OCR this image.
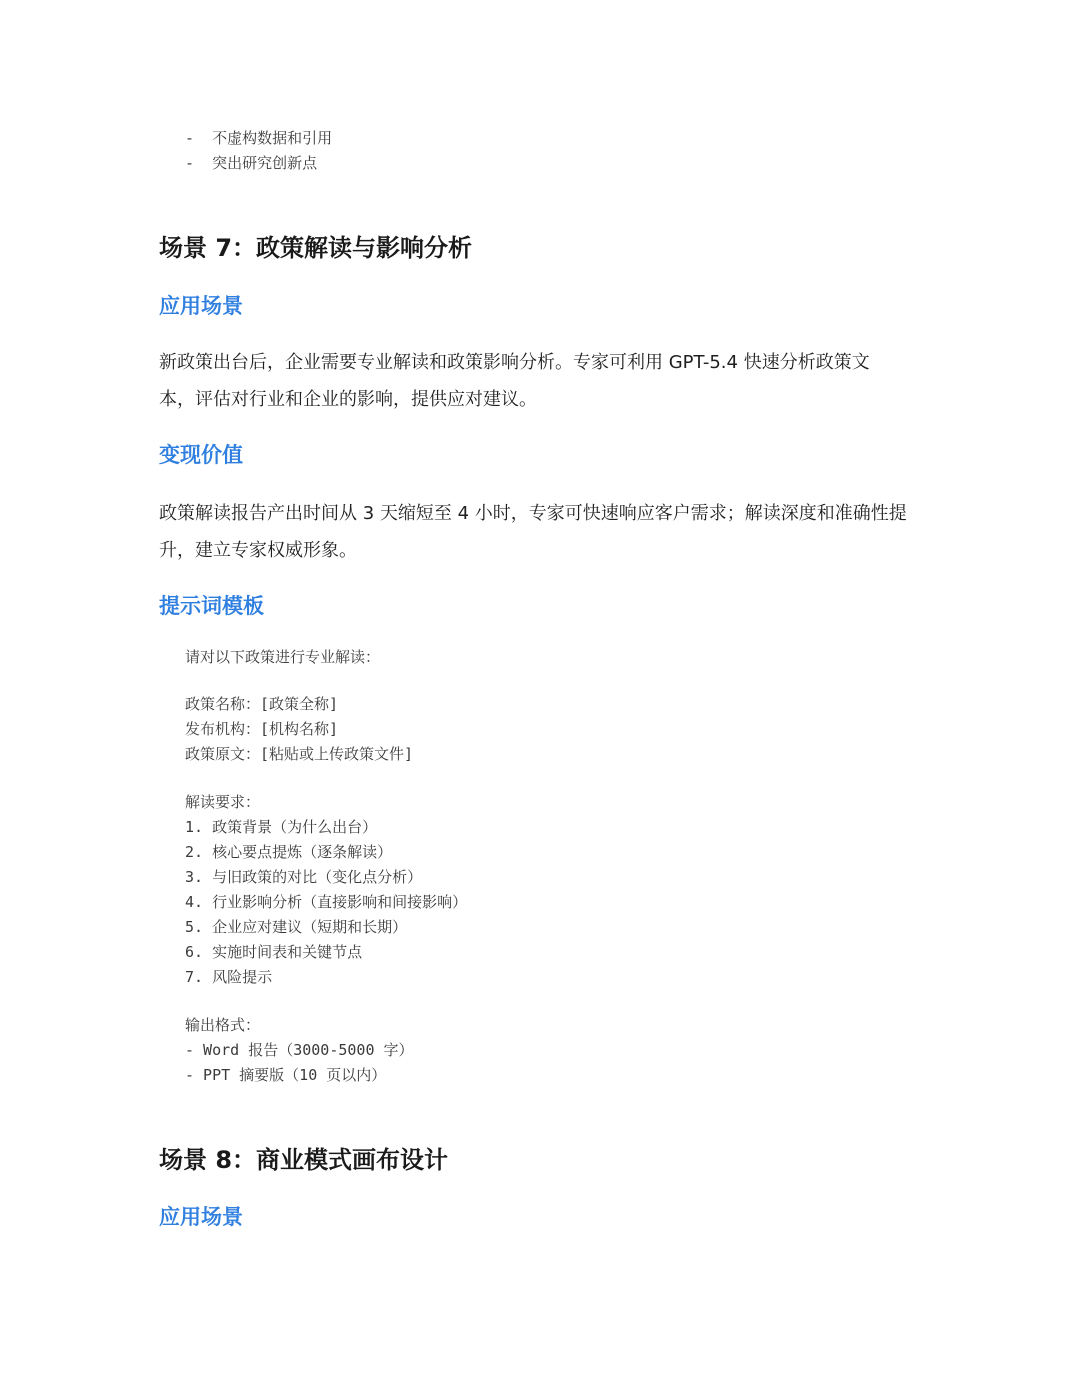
-  不虚构数据和引用
-  突出研究创新点
场景 7：政策解读与影响分析
应用场景
新政策出台后，企业需要专业解读和政策影响分析。专家可利用 GPT-5.4 快速分析政策文
本，评估对行业和企业的影响，提供应对建议。
变现价值
政策解读报告产出时间从 3 天缩短至 4 小时，专家可快速响应客户需求；解读深度和准确性提
升，建立专家权威形象。
提示词模板
请对以下政策进行专业解读：
政策名称：[政策全称]
发布机构：[机构名称]
政策原文：[粘贴或上传政策文件]
解读要求：
1. 政策背景（为什么出台）
2. 核心要点提炼（逐条解读）
3. 与旧政策的对比（变化点分析）
4. 行业影响分析（直接影响和间接影响）
5. 企业应对建议（短期和长期）
6. 实施时间表和关键节点
7. 风险提示
输出格式：
- Word 报告（3000-5000 字）
- PPT 摘要版（10 页以内）
场景 8：商业模式画布设计
应用场景
